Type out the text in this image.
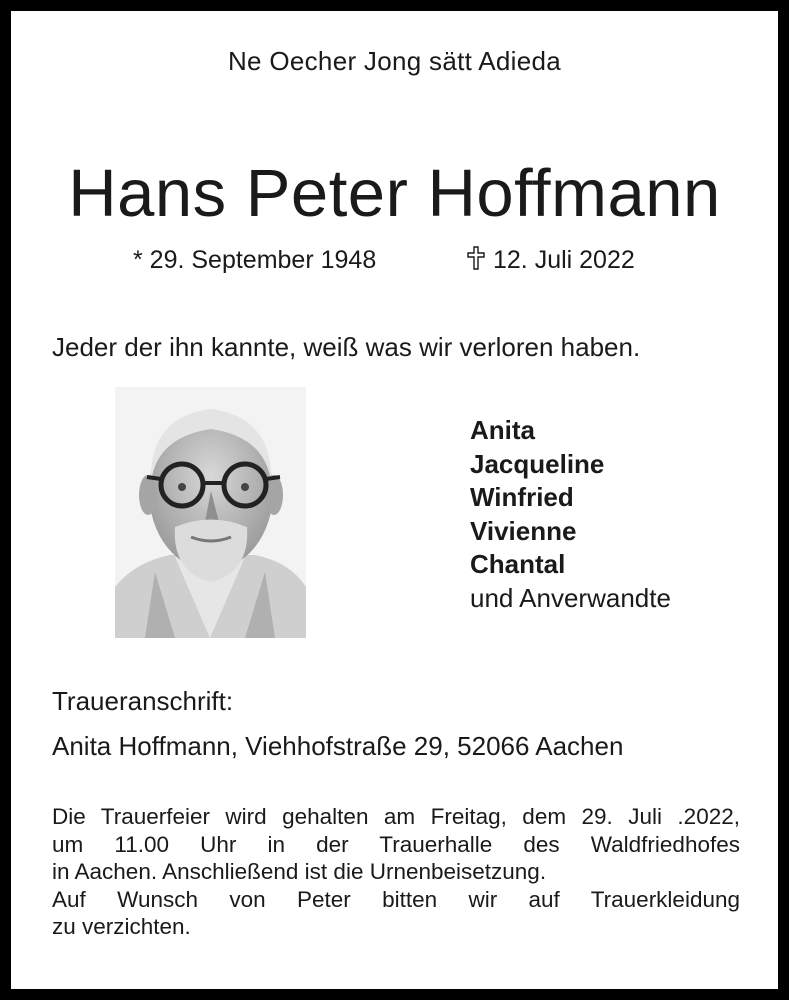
Ne Oecher Jong sätt Adieda
Hans Peter Hoffmann
* 29. September 1948	12. Juli 2022
Jeder der ihn kannte, weiß was wir verloren haben.
Anita
Jacqueline
Winfried
Vivienne
Chantal
und Anverwandte
Traueranschrift:
Anita Hoffmann, Viehhofstraße 29, 52066 Aachen

Die Trauerfeier wird gehalten am Freitag, dem 29. Juli .2022,

um 11.00 Uhr in der Trauerhalle des Waldfriedhofes

in Aachen. Anschließend ist die Urnenbeisetzung.

Auf Wunsch von Peter bitten wir auf Trauerkleidung

zu verzichten.
